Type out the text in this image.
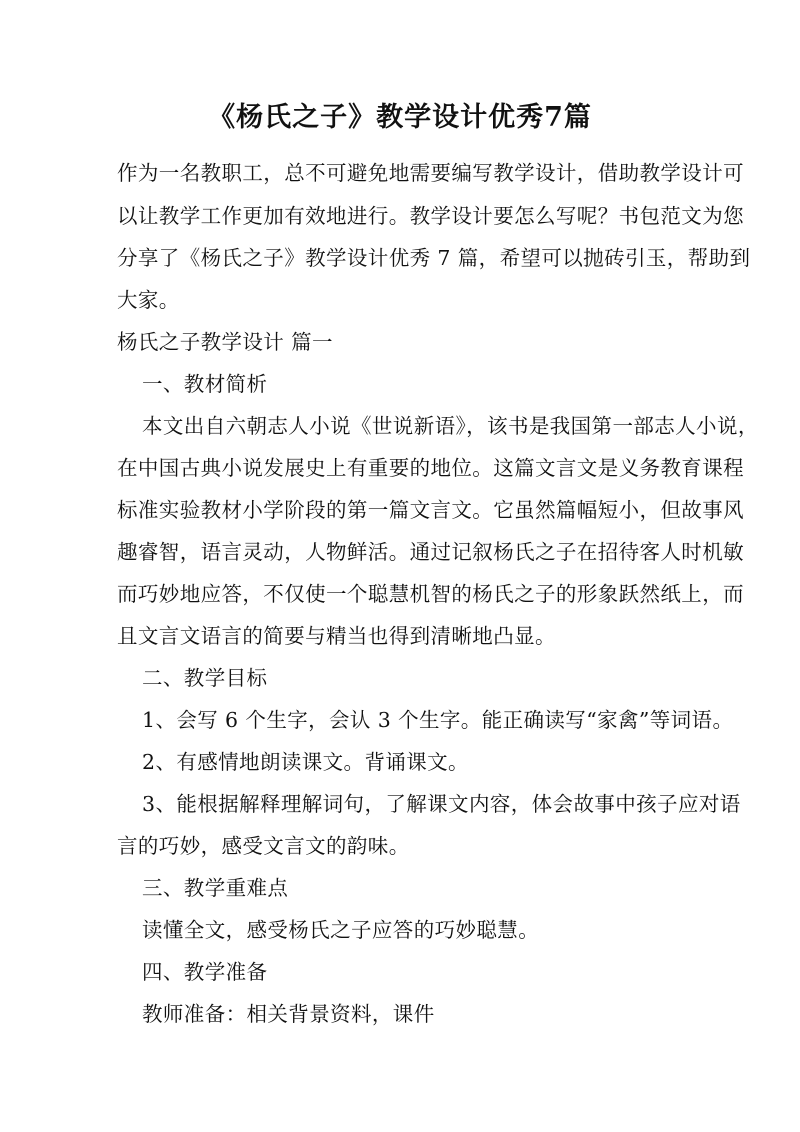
《杨氏之子》教学设计优秀7篇
作为一名教职工，总不可避免地需要编写教学设计，借助教学设计可
以让教学工作更加有效地进行。教学设计要怎么写呢？书包范文为您
分享了《杨氏之子》教学设计优秀 7 篇，希望可以抛砖引玉，帮助到
大家。
杨氏之子教学设计 篇一
一、教材简析
本文出自六朝志人小说《世说新语》，该书是我国第一部志人小说，
在中国古典小说发展史上有重要的地位。这篇文言文是义务教育课程
标准实验教材小学阶段的第一篇文言文。它虽然篇幅短小，但故事风
趣睿智，语言灵动，人物鲜活。通过记叙杨氏之子在招待客人时机敏
而巧妙地应答，不仅使一个聪慧机智的杨氏之子的形象跃然纸上，而
且文言文语言的简要与精当也得到清晰地凸显。
二、教学目标
1、会写 6 个生字，会认 3 个生字。能正确读写“家禽”等词语。
2、有感情地朗读课文。背诵课文。
3、能根据解释理解词句，了解课文内容，体会故事中孩子应对语
言的巧妙，感受文言文的韵味。
三、教学重难点
读懂全文，感受杨氏之子应答的巧妙聪慧。
四、教学准备
教师准备：相关背景资料，课件
